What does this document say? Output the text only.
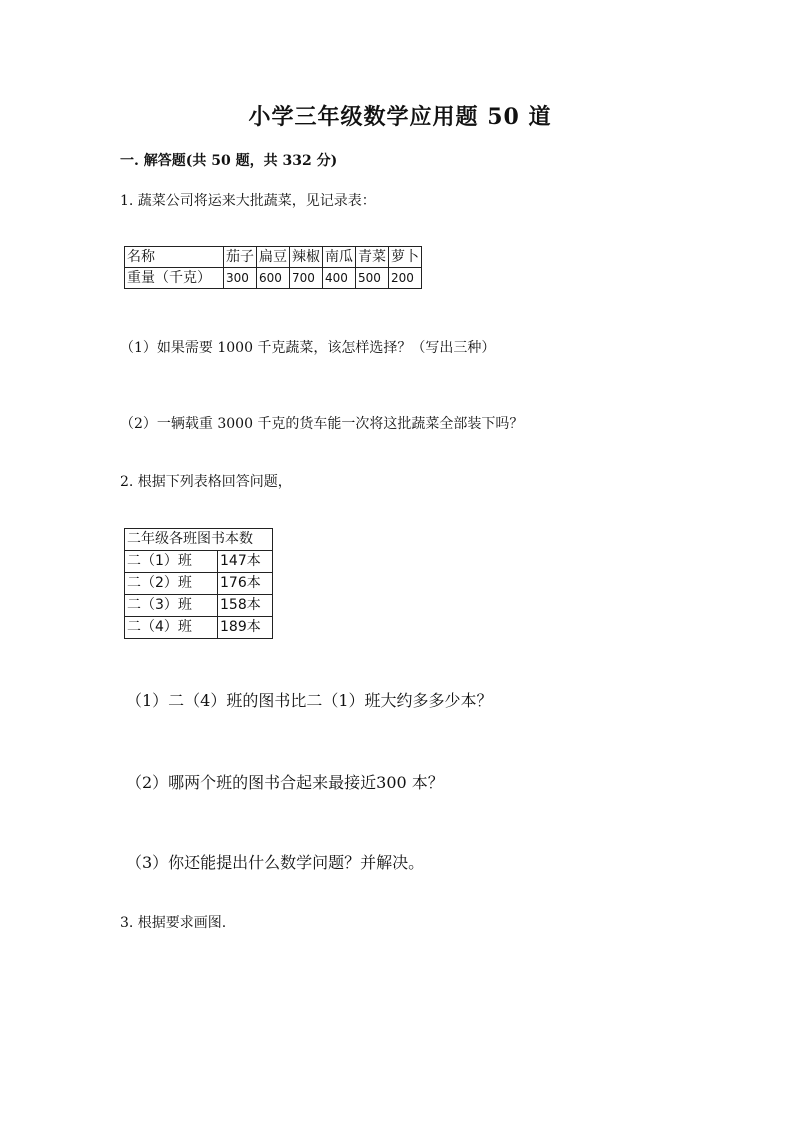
小学三年级数学应用题 50 道
一. 解答题(共 50 题，共 332 分)
1. 蔬菜公司将运来大批蔬菜，见记录表：
名称	茄子	扁豆	辣椒	南瓜	青菜	萝卜
重量（千克）	300	600	700	400	500	200
（1）如果需要 1000 千克蔬菜，该怎样选择？（写出三种）
（2）一辆载重 3000 千克的货车能一次将这批蔬菜全部装下吗？
2. 根据下列表格回答问题，
二年级各班图书本数	
二（1）班	147本
二（2）班	176本
二（3）班	158本
二（4）班	189本
（1）二（4）班的图书比二（1）班大约多多少本？
（2）哪两个班的图书合起来最接近300 本？
（3）你还能提出什么数学问题？并解决。
3. 根据要求画图.
